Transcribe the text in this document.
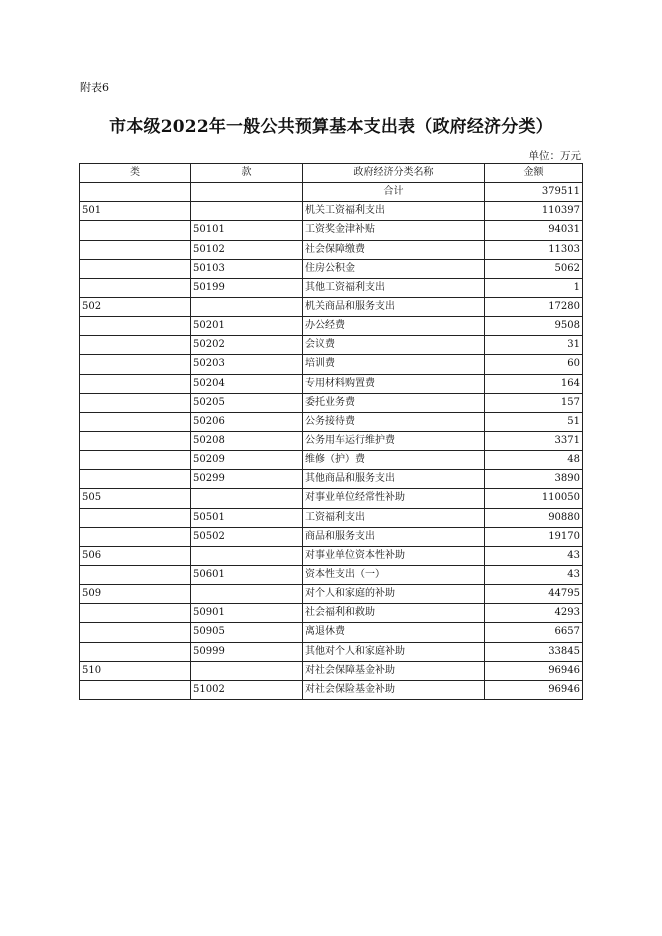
附表6
市本级2022年一般公共预算基本支出表（政府经济分类）
单位：万元
类	款	政府经济分类名称	金额
		合计	379511
501		机关工资福利支出	110397
	50101	工资奖金津补贴	94031
	50102	社会保障缴费	11303
	50103	住房公积金	5062
	50199	其他工资福利支出	1
502		机关商品和服务支出	17280
	50201	办公经费	9508
	50202	会议费	31
	50203	培训费	60
	50204	专用材料购置费	164
	50205	委托业务费	157
	50206	公务接待费	51
	50208	公务用车运行维护费	3371
	50209	维修（护）费	48
	50299	其他商品和服务支出	3890
505		对事业单位经常性补助	110050
	50501	工资福利支出	90880
	50502	商品和服务支出	19170
506		对事业单位资本性补助	43
	50601	资本性支出（一）	43
509		对个人和家庭的补助	44795
	50901	社会福利和救助	4293
	50905	离退休费	6657
	50999	其他对个人和家庭补助	33845
510		对社会保障基金补助	96946
	51002	对社会保险基金补助	96946
